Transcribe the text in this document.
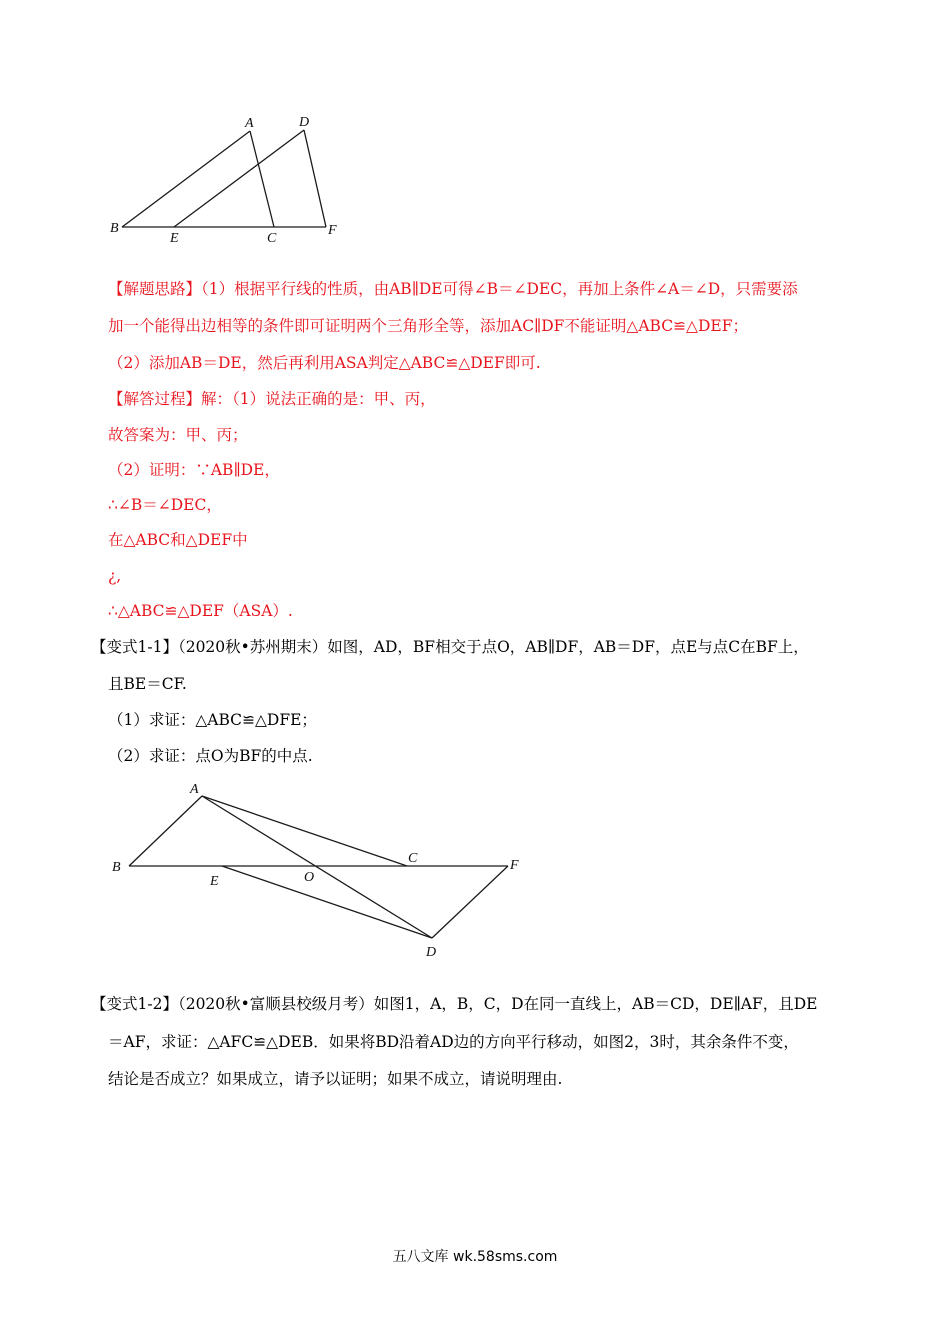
A	D
B
E	C
F
【解题思路】（1）根据平行线的性质，由AB∥DE可得∠B＝∠DEC，再加上条件∠A＝∠D，只需要添
加一个能得出边相等的条件即可证明两个三角形全等，添加AC∥DF不能证明△ABC≌△DEF；
（2）添加AB＝DE，然后再利用ASA判定△ABC≌△DEF即可.
【解答过程】解：（1）说法正确的是：甲、丙，
故答案为：甲、丙；
（2）证明：∵AB∥DE，
∴∠B＝∠DEC，
在△ABC和△DEF中
¿,
∴△ABC≌△DEF（ASA）.
【变式1-1】（2020秋•苏州期末）如图，AD，BF相交于点O，AB∥DF，AB＝DF，点E与点C在BF上，
且BE＝CF.
（1）求证：△ABC≌△DFE；
（2）求证：点O为BF的中点.
A
B
E	O
C	F
D
【变式1-2】（2020秋•富顺县校级月考）如图1，A，B，C，D在同一直线上，AB＝CD，DE∥AF，且DE
＝AF，求证：△AFC≌△DEB．如果将BD沿着AD边的方向平行移动，如图2，3时，其余条件不变，
结论是否成立？如果成立，请予以证明；如果不成立，请说明理由.
五八文库 wk.58sms.com
